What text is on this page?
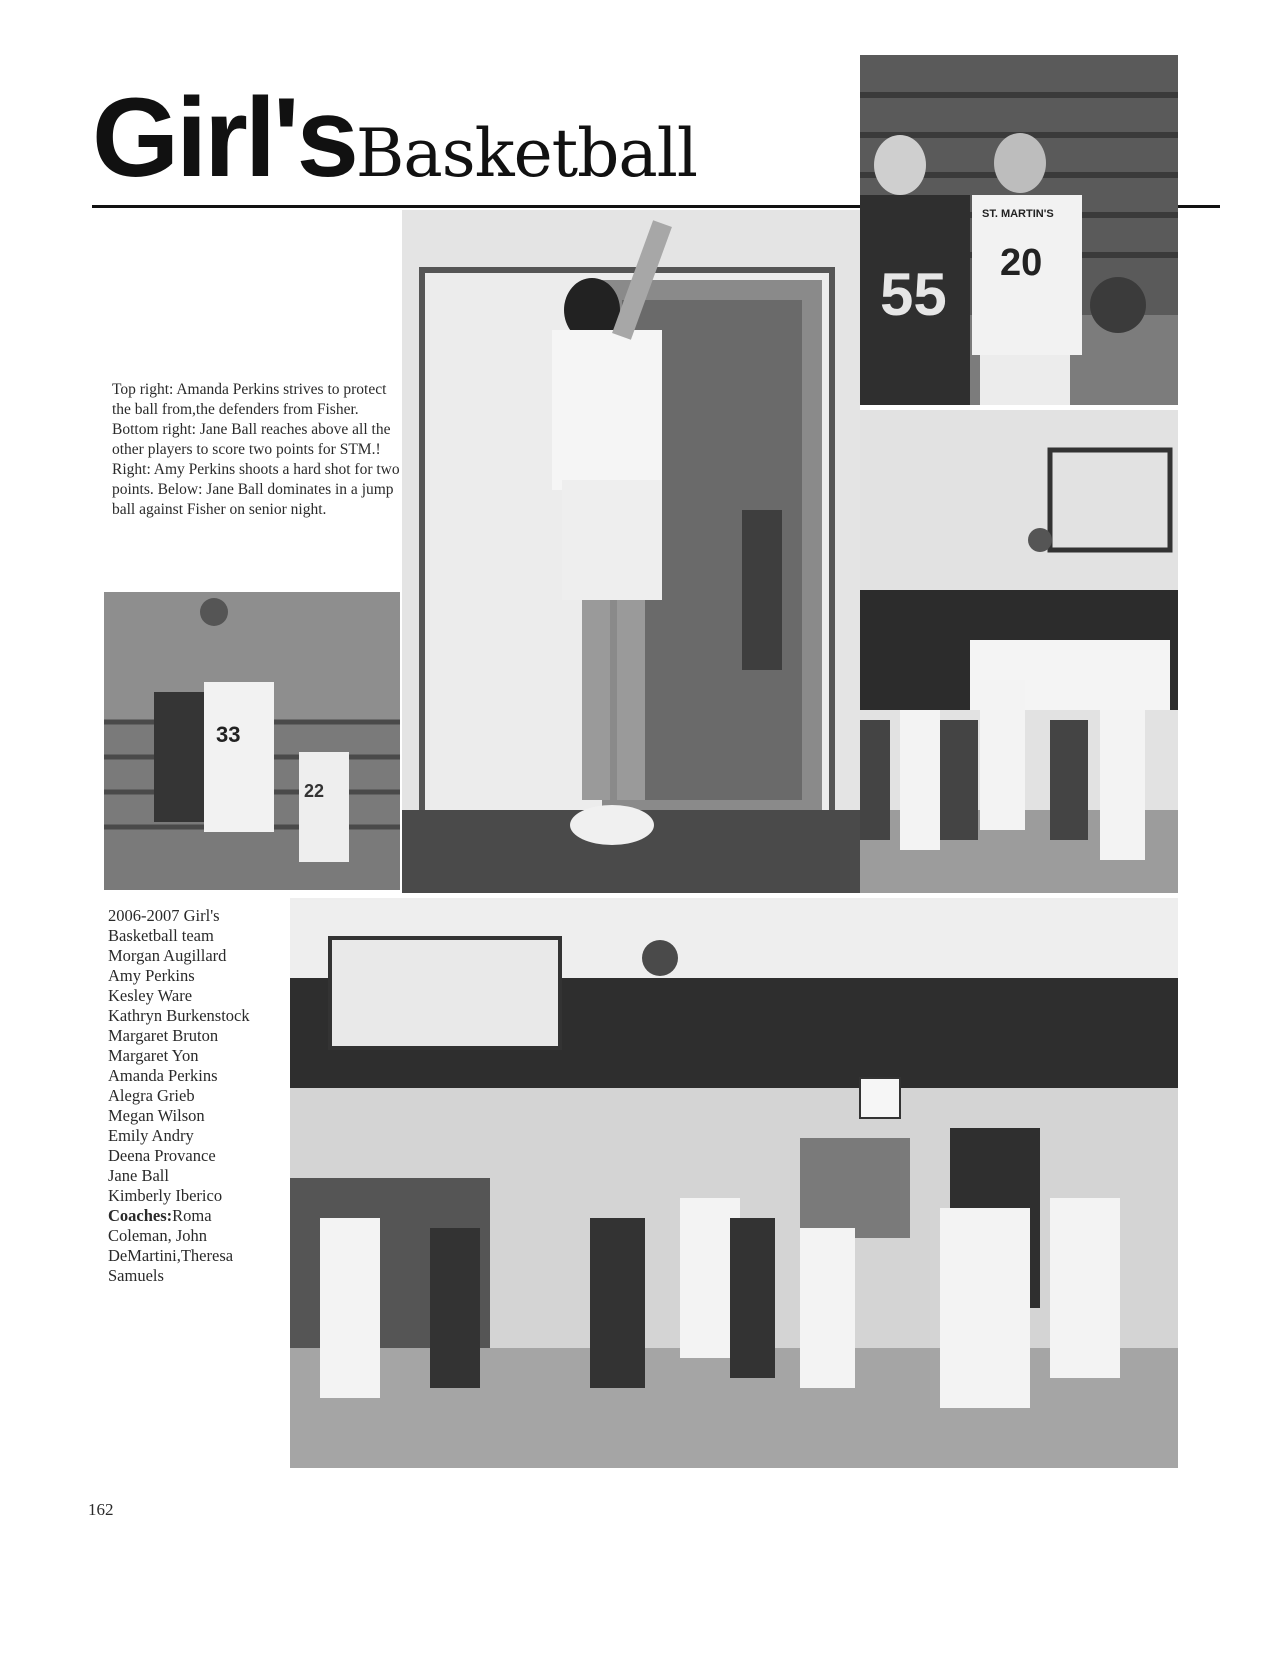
Girl'sBasketball
55
ST. MARTIN'S
20

Top right: Amanda Perkins strives to protect the ball from,the defenders from Fisher.

Bottom right: Jane Ball reaches above all the other players to score two points for STM.!

Right: Amy Perkins shoots a hard shot for two points. Below: Jane Ball dominates in a jump ball against Fisher on senior night.

33
22
2006-2007 Girl's Basketball team
Morgan Augillard
Amy Perkins
Kesley Ware
Kathryn Burkenstock
Margaret Bruton
Margaret Yon
Amanda Perkins
Alegra Grieb
Megan Wilson
Emily Andry
Deena Provance
Jane Ball
Kimberly Iberico
Coaches:Roma Coleman, John DeMartini,Theresa Samuels
162
